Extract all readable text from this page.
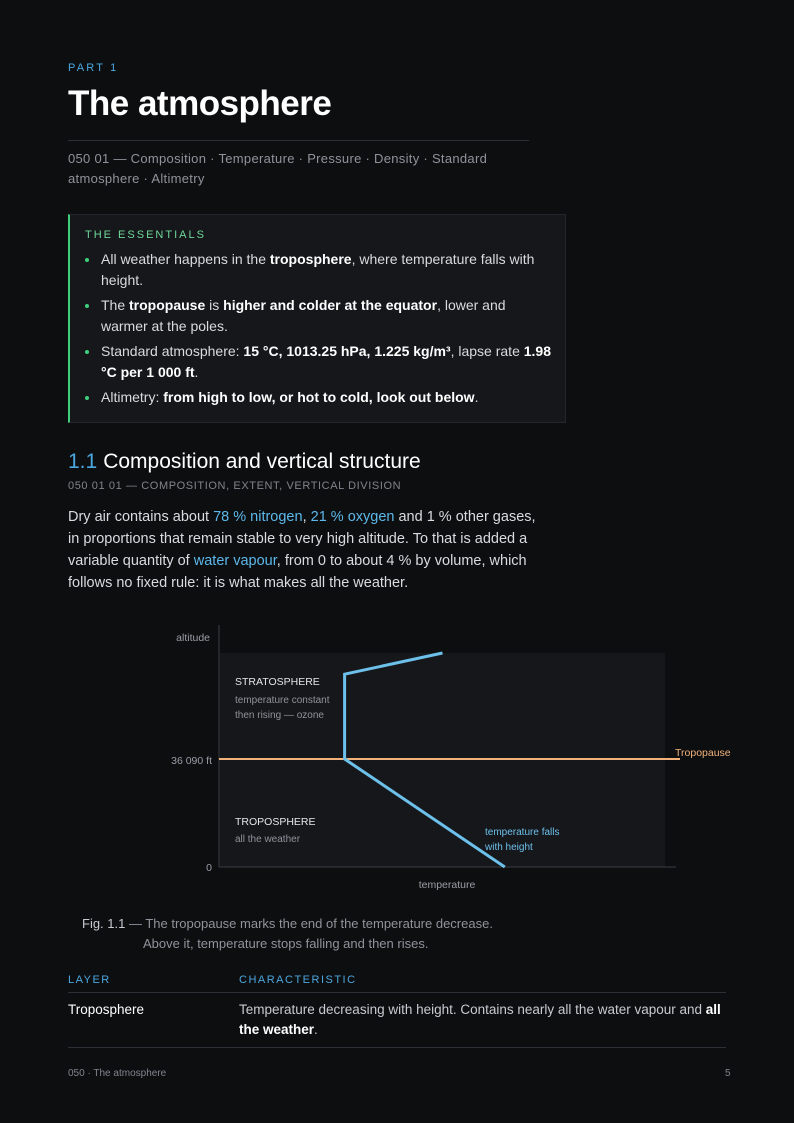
PART 1
The atmosphere
050 01 — Composition · Temperature · Pressure · Density · Standard atmosphere · Altimetry
THE ESSENTIALS
All weather happens in the troposphere, where temperature falls with height.
The tropopause is higher and colder at the equator, lower and warmer at the poles.
Standard atmosphere: 15 °C, 1013.25 hPa, 1.225 kg/m³, lapse rate 1.98 °C per 1 000 ft.
Altimetry: from high to low, or hot to cold, look out below.
1.1 Composition and vertical structure
050 01 01 — COMPOSITION, EXTENT, VERTICAL DIVISION

Dry air contains about 78 % nitrogen, 21 % oxygen and 1 % other gases, in proportions that remain stable to very high altitude. To that is added a variable quantity of water vapour, from 0 to about 4 % by volume, which follows no fixed rule: it is what makes all the weather.

Fig. 1.1 — The tropopause marks the end of the temperature decrease.
Above it, temperature stops falling and then rises.
LAYER	CHARACTERISTIC
Troposphere	Temperature decreasing with height. Contains nearly all the water vapour and all the weather.
050 · The atmosphere	5
altitude
36 090 ft
0
temperature
Tropopause
STRATOSPHERE
temperature constant
then rising — ozone
TROPOSPHERE
all the weather
temperature falls
with height
